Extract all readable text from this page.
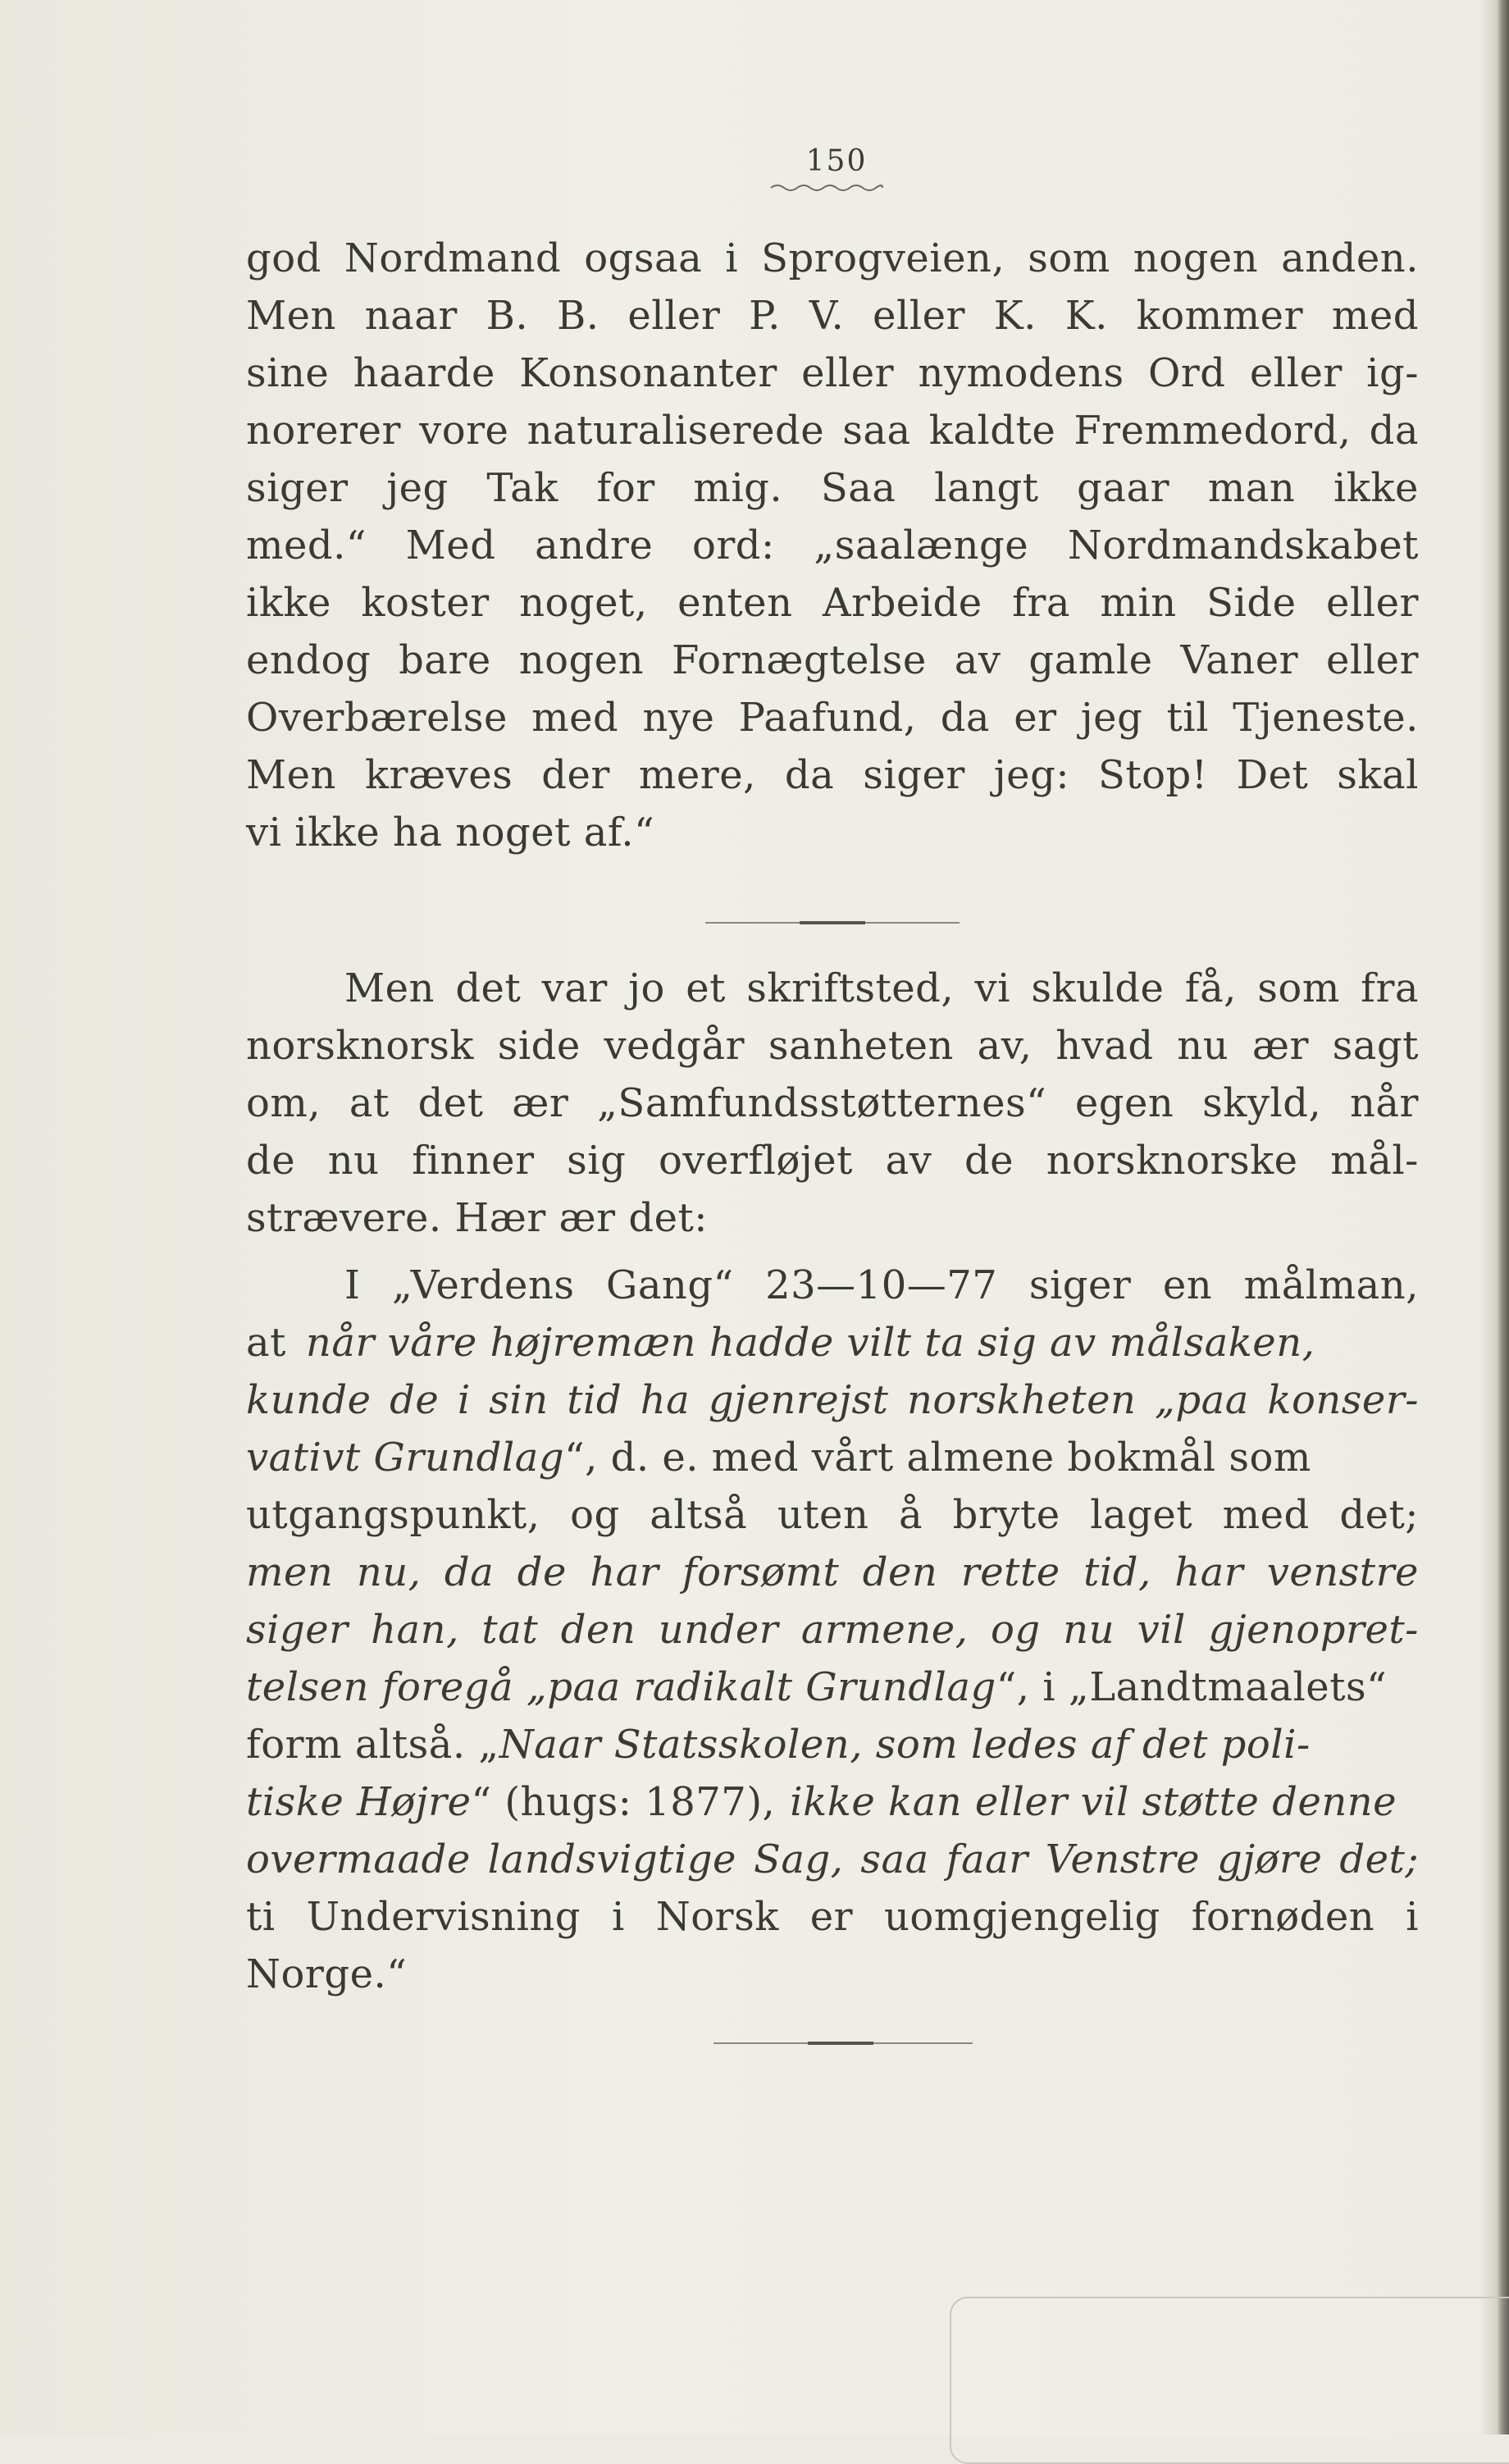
150
god Nordmand ogsaa i Sprogveien, som nogen anden.
Men naar B. B. eller P. V. eller K. K. kommer med
sine haarde Konsonanter eller nymodens Ord eller ig-
norerer vore naturaliserede saa kaldte Fremmedord, da
siger jeg Tak for mig. Saa langt gaar man ikke
med.“ Med andre ord: „saalænge Nordmandskabet
ikke koster noget, enten Arbeide fra min Side eller
endog bare nogen Fornægtelse av gamle Vaner eller
Overbærelse med nye Paafund, da er jeg til Tjeneste.
Men kræves der mere, da siger jeg: Stop! Det skal
vi ikke ha noget af.“
Men det var jo et skriftsted, vi skulde få, som fra
norsknorsk side vedgår sanheten av, hvad nu ær sagt
om, at det ær „Samfundsstøtternes“ egen skyld, når
de nu finner sig overfløjet av de norsknorske mål-
strævere. Hær ær det:
I „Verdens Gang“ 23—10—77 siger en målman,
at når våre højremæn hadde vilt ta sig av målsaken,
kunde de i sin tid ha gjenrejst norskheten „paa konser-
vativt Grundlag “, d. e. med vårt almene bokmål som
utgangspunkt, og altså uten å bryte laget med det;
men nu, da de har forsømt den rette tid, har venstre
siger han, tat den under armene, og nu vil gjenopret-
telsen foregå „paa radikalt Grundlag “, i „Landtmaalets“
form altså. „ Naar Statsskolen, som ledes af det poli-
tiske Højre “ (hugs: 1877), ikke kan eller vil støtte denne
overmaade landsvigtige Sag, saa faar Venstre gjøre det;
ti Undervisning i Norsk er uomgjengelig fornøden i
Norge.“
